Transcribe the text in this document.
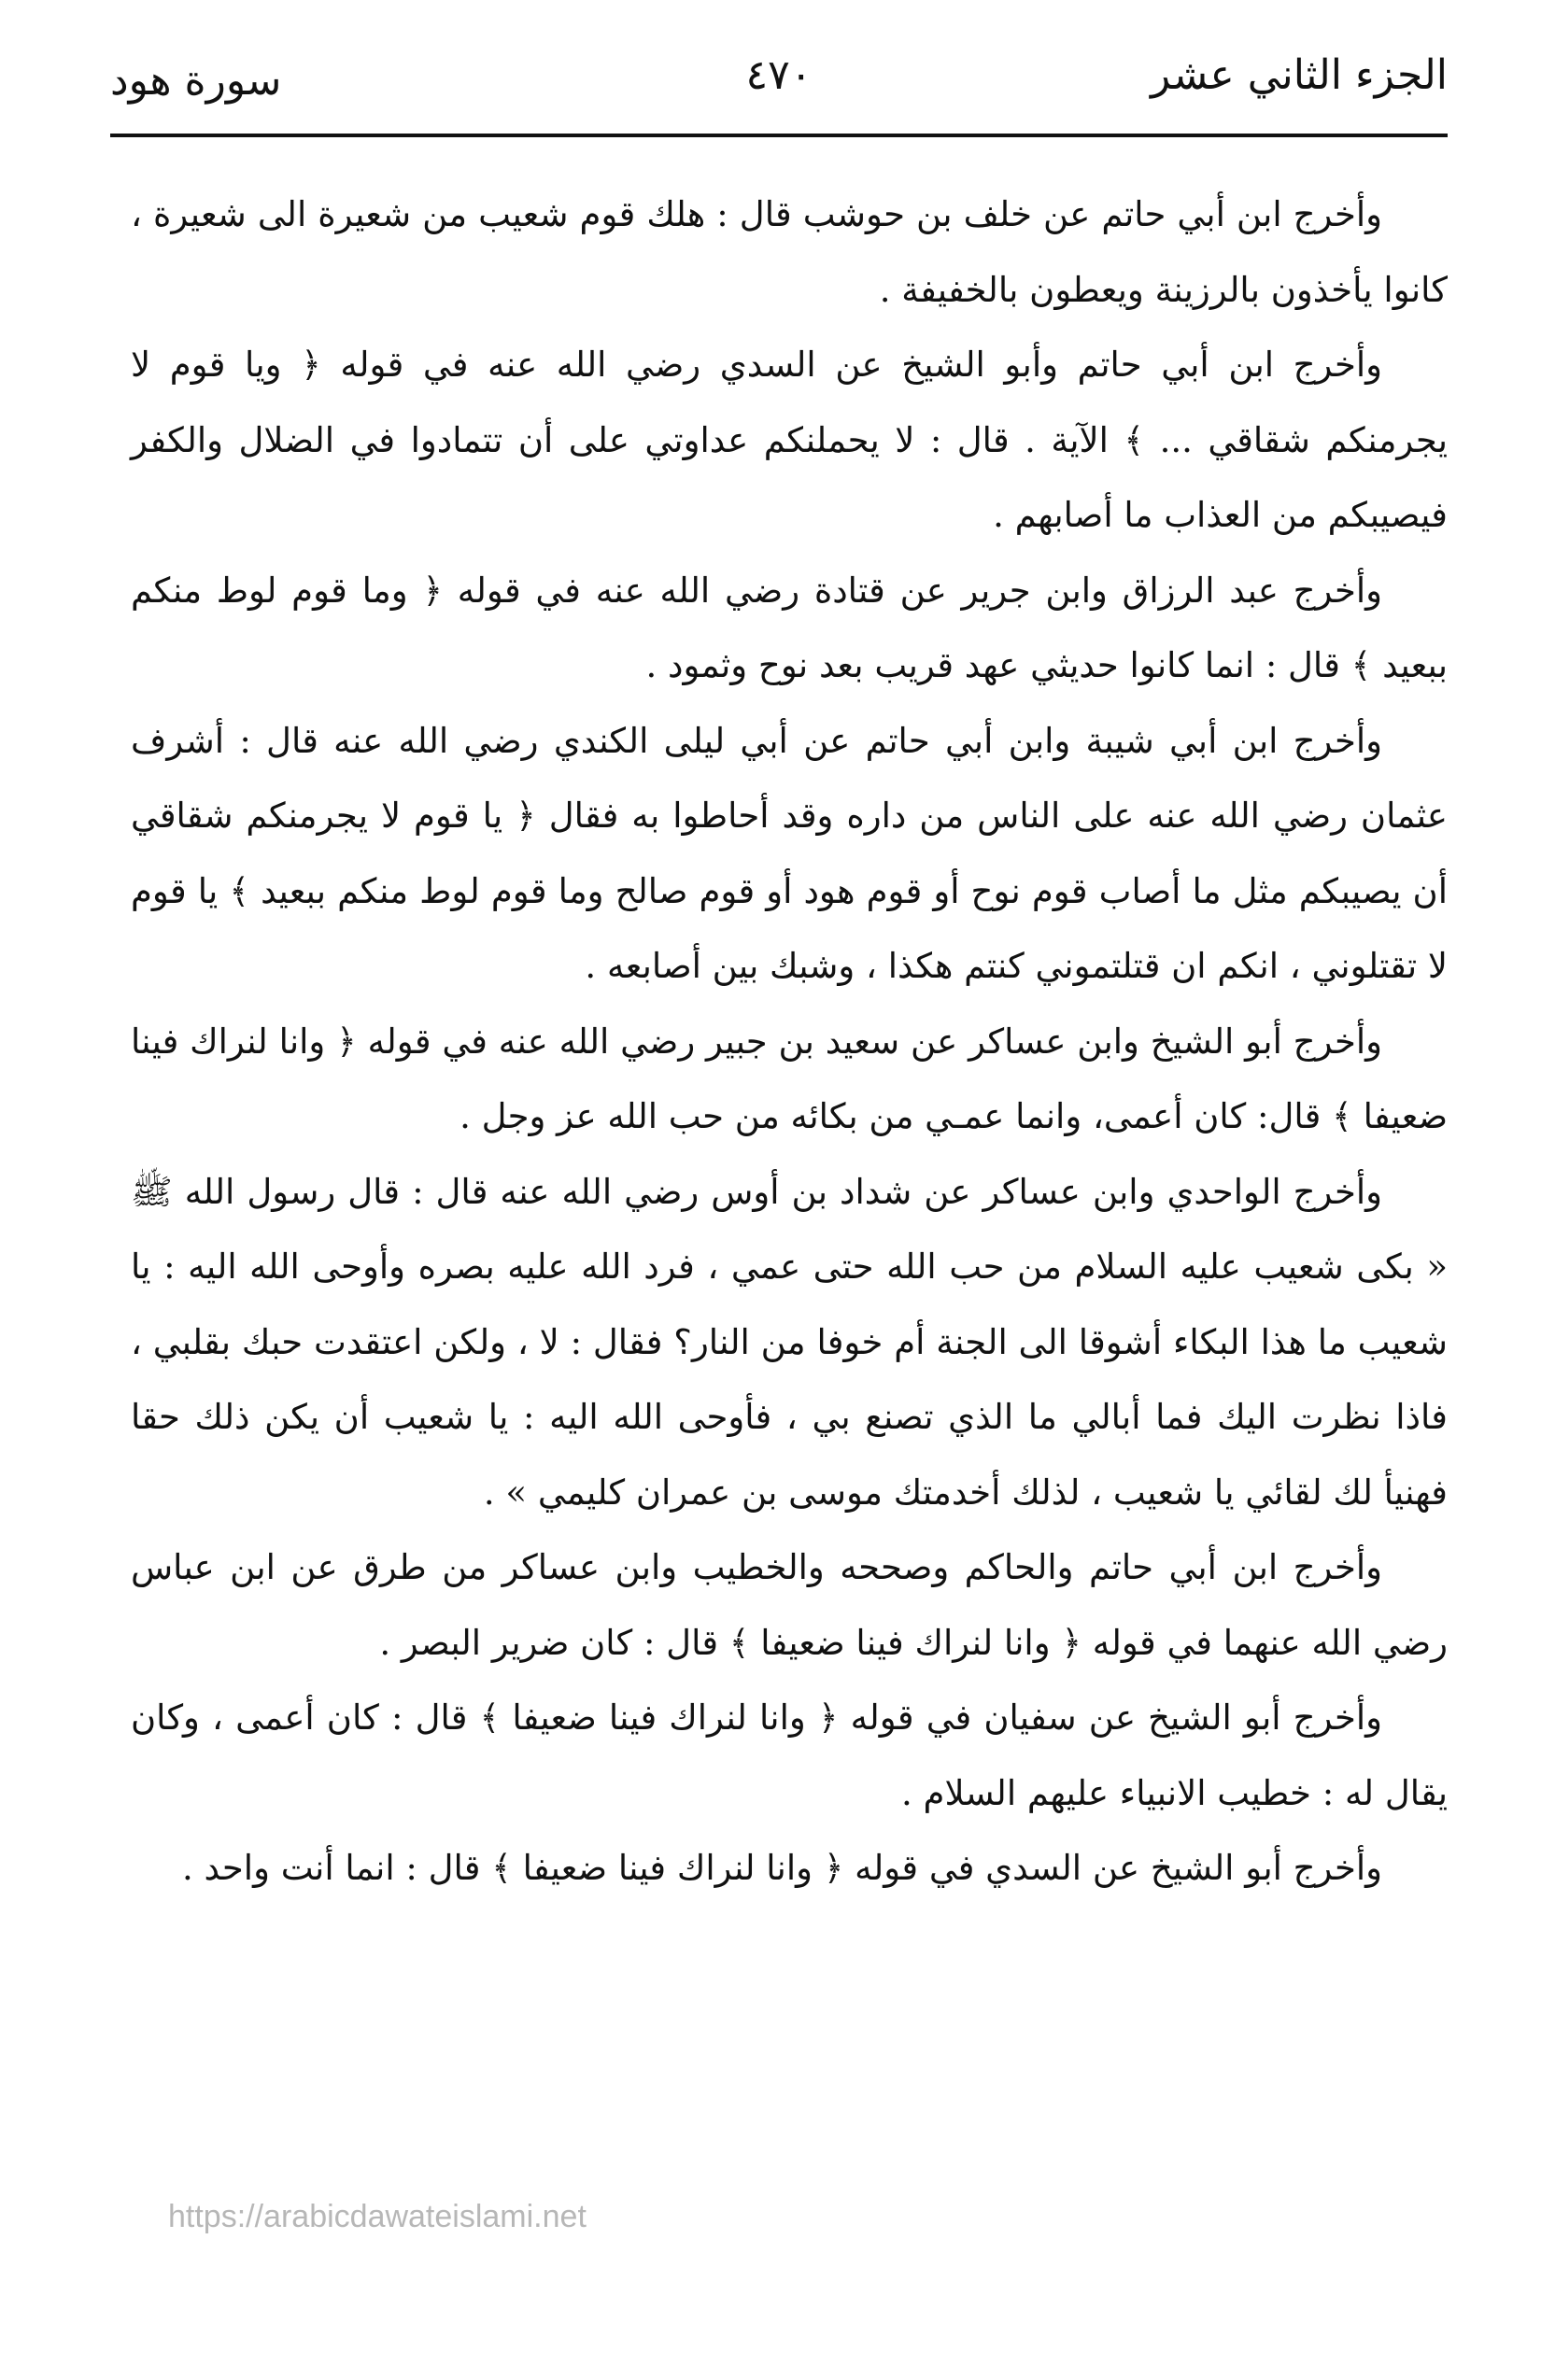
الجزء الثاني عشر
٤٧٠
سورة هود

وأخرج ابن أبي حاتم عن خلف بن حوشب قال : هلك قوم شعيب من شعيرة الى شعيرة ، كانوا يأخذون بالرزينة ويعطون بالخفيفة .

وأخرج ابن أبي حاتم وأبو الشيخ عن السدي رضي الله عنه في قوله ﴿ ويا قوم لا يجرمنكم شقاقي ... ﴾ الآية . قال : لا يحملنكم عداوتي على أن تتمادوا في الضلال والكفر فيصيبكم من العذاب ما أصابهم .

وأخرج عبد الرزاق وابن جرير عن قتادة رضي الله عنه في قوله ﴿ وما قوم لوط منكم ببعيد ﴾ قال : انما كانوا حديثي عهد قريب بعد نوح وثمود .

وأخرج ابن أبي شيبة وابن أبي حاتم عن أبي ليلى الكندي رضي الله عنه قال : أشرف عثمان رضي الله عنه على الناس من داره وقد أحاطوا به فقال ﴿ يا قوم لا يجرمنكم شقاقي أن يصيبكم مثل ما أصاب قوم نوح أو قوم هود أو قوم صالح وما قوم لوط منكم ببعيد ﴾ يا قوم لا تقتلوني ، انكم ان قتلتموني كنتم هكذا ، وشبك بين أصابعه .

وأخرج أبو الشيخ وابن عساكر عن سعيد بن جبير رضي الله عنه في قوله ﴿ وانا لنراك فينا ضعيفا ﴾ قال: كان أعمى، وانما عمـي من بكائه من حب الله عز وجل .

وأخرج الواحدي وابن عساكر عن شداد بن أوس رضي الله عنه قال : قال رسول الله ﷺ « بكى شعيب عليه السلام من حب الله حتى عمي ، فرد الله عليه بصره وأوحى الله اليه : يا شعيب ما هذا البكاء أشوقا الى الجنة أم خوفا من النار؟ فقال : لا ، ولكن اعتقدت حبك بقلبي ، فاذا نظرت اليك فما أبالي ما الذي تصنع بي ، فأوحى الله اليه : يا شعيب أن يكن ذلك حقا فهنيأ لك لقائي يا شعيب ، لذلك أخدمتك موسى بن عمران كليمي » .

وأخرج ابن أبي حاتم والحاكم وصححه والخطيب وابن عساكر من طرق عن ابن عباس رضي الله عنهما في قوله ﴿ وانا لنراك فينا ضعيفا ﴾ قال : كان ضرير البصر .

وأخرج أبو الشيخ عن سفيان في قوله ﴿ وانا لنراك فينا ضعيفا ﴾ قال : كان أعمى ، وكان يقال له : خطيب الانبياء عليهم السلام .

وأخرج أبو الشيخ عن السدي في قوله ﴿ وانا لنراك فينا ضعيفا ﴾ قال : انما أنت واحد .

https://arabicdawateislami.net
